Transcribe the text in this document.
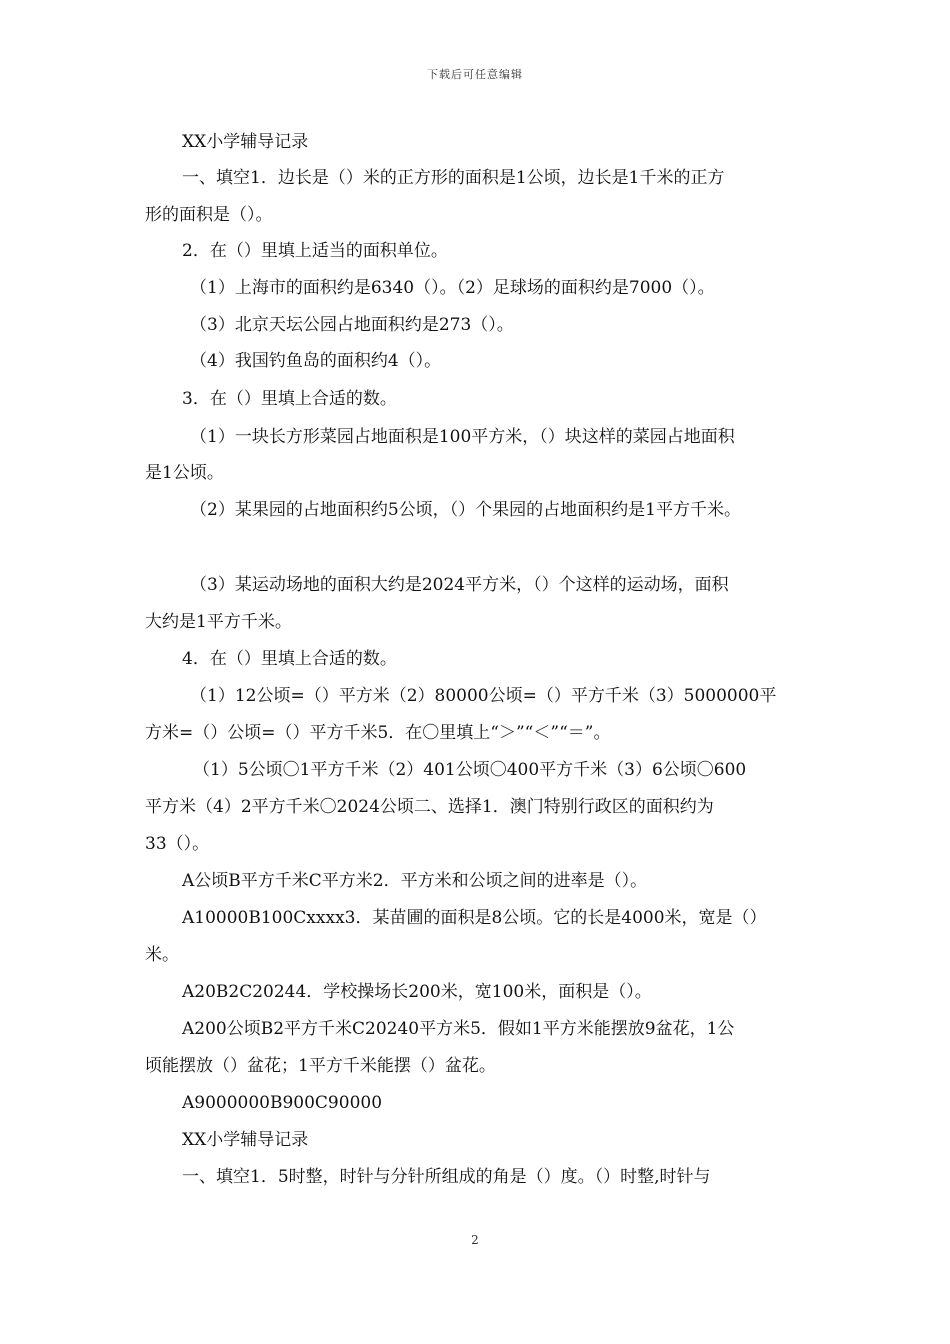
下载后可任意编辑
XX小学辅导记录
一、填空1．边长是（）米的正方形的面积是1公顷，边长是1千米的正方
形的面积是（）。
2．在（）里填上适当的面积单位。
（1）上海市的面积约是6340（）。（2）足球场的面积约是7000（）。
（3）北京天坛公园占地面积约是273（）。
（4）我国钓鱼岛的面积约4（）。
3．在（）里填上合适的数。
（1）一块长方形菜园占地面积是100平方米，（）块这样的菜园占地面积
是1公顷。
（2）某果园的占地面积约5公顷，（）个果园的占地面积约是1平方千米。
（3）某运动场地的面积大约是2024平方米，（）个这样的运动场，面积
大约是1平方千米。
4．在（）里填上合适的数。
（1）12公顷=（）平方米（2）80000公顷=（）平方千米（3）5000000平
方米=（）公顷=（）平方千米5．在〇里填上“＞”“＜”“＝”。
（1）5公顷〇1平方千米（2）401公顷〇400平方千米（3）6公顷〇600
平方米（4）2平方千米〇2024公顷二、选择1．澳门特别行政区的面积约为
33（）。
A公顷B平方千米C平方米2．平方米和公顷之间的进率是（）。
A10000B100Cxxxx3．某苗圃的面积是8公顷。它的长是4000米，宽是（）
米。
A20B2C20244．学校操场长200米，宽100米，面积是（）。
A200公顷B2平方千米C20240平方米5．假如1平方米能摆放9盆花，1公
顷能摆放（）盆花；1平方千米能摆（）盆花。
A9000000B900C90000
XX小学辅导记录
一、填空1．5时整，时针与分针所组成的角是（）度。（）时整,时针与
2
